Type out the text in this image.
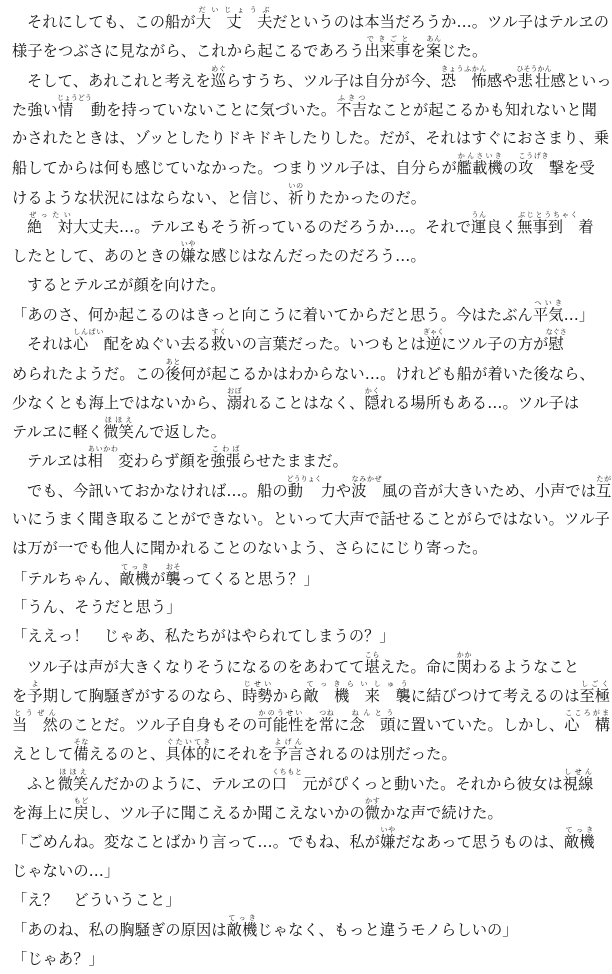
それにしても、この船が大　丈　夫だいじょうぶだというのは本当だろうか…。ツル子はテルヱの
様子をつぶさに見ながら、これから起こるであろう出来事できごとを案あんじた。
そして、あれこれと考えを巡めぐらすうち、ツル子は自分が今、恐　怖きょうふかん感や悲壮ひそうかん感といっ
た強い情　じょうどう動を持っていないことに気づいた。不吉ふきつなことが起こるかも知れないと聞
かされたときは、ゾッとしたりドキドキしたりした。だが、それはすぐにおさまり、乗
船してからは何も感じていなかった。つまりツル子は、自分らが艦載機かんさいきの攻　こうげき撃を受
けるような状況にはならない、と信じ、祈いのりたかったのだ。
絶　対ぜったい大丈夫…。テルヱもそう祈っているのだろうか…。それで運うん良く無事到　ぶじとうちゃく着
したとして、あのときの嫌いやな感じはなんだったのだろう…。
するとテルヱが顔を向けた。
「あのさ、何か起こるのはきっと向こうに着いてからだと思う。今はたぶん平気へいき…」
それは心　しんぱい配をぬぐい去る救すくいの言葉だった。いつもとは逆ぎゃくにツル子の方が慰なぐさ
められたようだ。この後あと何が起こるかはわからない…。けれども船が着いた後なら、
少なくとも海上ではないから、溺おぼれることはなく、隠かくれる場所もある…。ツル子は
テルヱに軽く微笑ほほえんで返した。
テルヱは相　あいかわ変わらず顔を強張こわばらせたままだ。
でも、今訊いておかなければ…。船の動　どうりょく力や波　なみかぜ風の音が大きいため、小声では互たが
いにうまく聞き取ることができない。といって大声で話せることがらではない。ツル子
は万が一でも他人に聞かれることのないよう、さらににじり寄った。
「テルちゃん、敵機てっきが襲おそってくると思う？」
「うん、そうだと思う」
「ええっ！　じゃあ、私たちがはやられてしまうの？」
ツル子は声が大きくなりそうになるのをあわてて堪こらえた。命に関かかわるようなこと
を予よ期して胸騒ぎがするのなら、時勢じせいから敵　機　来　襲てっきらいしゅうに結びつけて考えるのは至極しごく
当　然とうぜんのことだ。ツル子自身もその可能性かのうせいを常つねに念　頭ねんとうに置いていた。しかし、心　構こころがま
えとして備そなえるのと、具体的ぐたいてきにそれを予言よげんされるのは別だった。
ふと微笑ほほえんだかのように、テルヱの口　くちもと元がぴくっと動いた。それから彼女は視線しせん
を海上に戻もどし、ツル子に聞こえるか聞こえないかの微かすかな声で続けた。
「ごめんね。変なことばかり言って…。でもね、私が嫌いやだなあって思うものは、敵機てっき
じゃないの…」
「え？　どういうこと」
「あのね、私の胸騒ぎの原因は敵機てっきじゃなく、もっと違うモノらしいの」
「じゃあ？」
